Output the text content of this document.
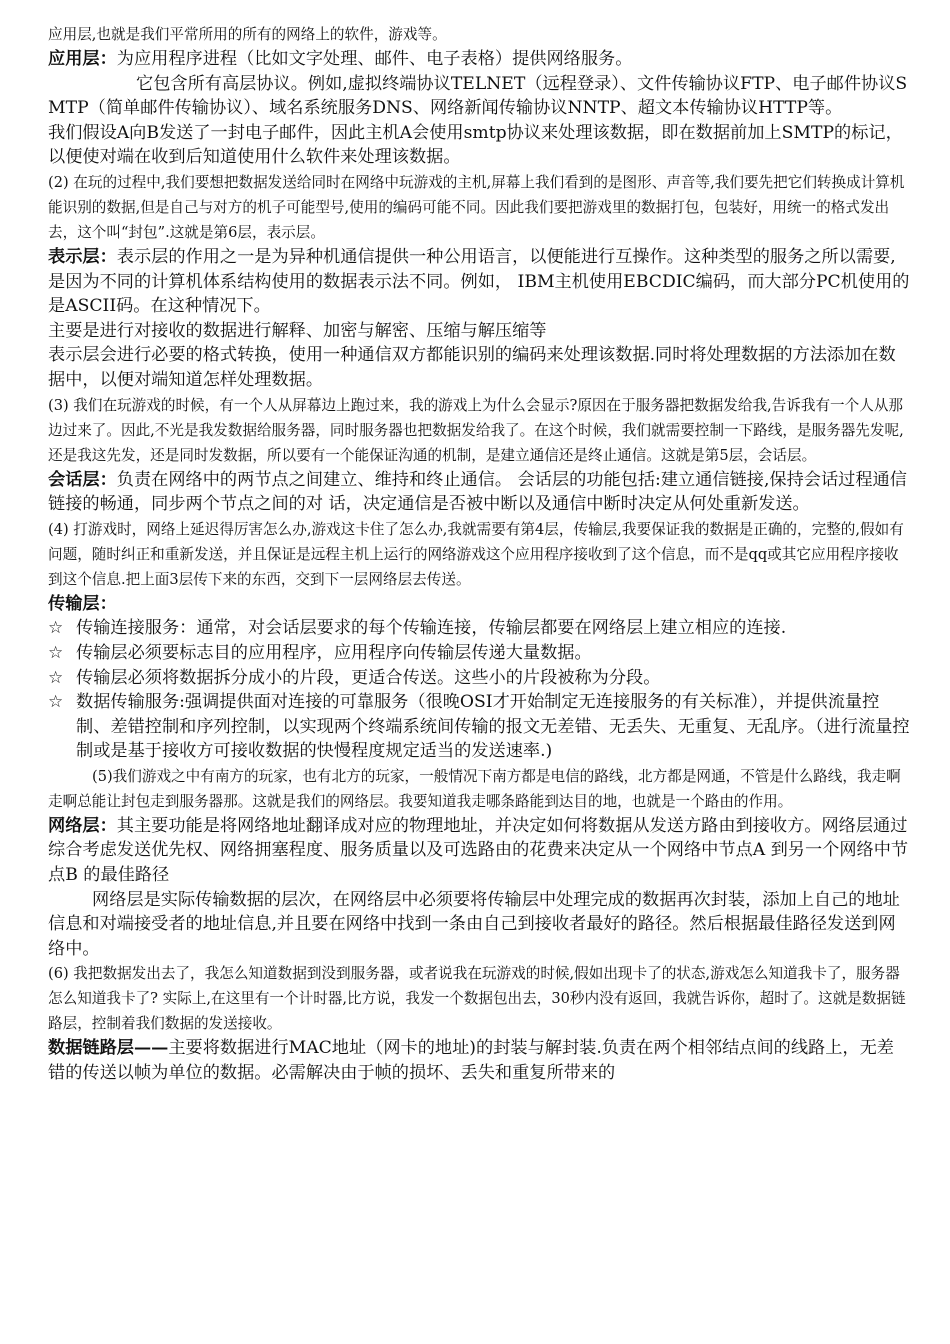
应用层,也就是我们平常所用的所有的网络上的软件，游戏等。

应用层：为应用程序进程（比如文字处理、邮件、电子表格）提供网络服务。

它包含所有高层协议。例如,虚拟终端协议TELNET（远程登录）、文件传输协议FTP、电子邮件协议SMTP（简单邮件传输协议）、域名系统服务DNS、网络新闻传输协议NNTP、超文本传输协议HTTP等。

我们假设A向B发送了一封电子邮件，因此主机A会使用smtp协议来处理该数据，即在数据前加上SMTP的标记，以便使对端在收到后知道使用什么软件来处理该数据。

(2) 在玩的过程中,我们要想把数据发送给同时在网络中玩游戏的主机,屏幕上我们看到的是图形、声音等,我们要先把它们转换成计算机能识别的数据,但是自己与对方的机子可能型号,使用的编码可能不同。因此我们要把游戏里的数据打包，包装好，用统一的格式发出去，这个叫“封包”.这就是第6层，表示层。

表示层：表示层的作用之一是为异种机通信提供一种公用语言，以便能进行互操作。这种类型的服务之所以需要,是因为不同的计算机体系结构使用的数据表示法不同。例如， IBM主机使用EBCDIC编码，而大部分PC机使用的是ASCII码。在这种情况下。

主要是进行对接收的数据进行解释、加密与解密、压缩与解压缩等

表示层会进行必要的格式转换，使用一种通信双方都能识别的编码来处理该数据.同时将处理数据的方法添加在数据中，以便对端知道怎样处理数据。

(3) 我们在玩游戏的时候，有一个人从屏幕边上跑过来，我的游戏上为什么会显示?原因在于服务器把数据发给我,告诉我有一个人从那边过来了。因此,不光是我发数据给服务器，同时服务器也把数据发给我了。在这个时候，我们就需要控制一下路线，是服务器先发呢,还是我这先发，还是同时发数据，所以要有一个能保证沟通的机制，是建立通信还是终止通信。这就是第5层，会话层。

会话层：负责在网络中的两节点之间建立、维持和终止通信。 会话层的功能包括:建立通信链接,保持会话过程通信链接的畅通，同步两个节点之间的对 话，决定通信是否被中断以及通信中断时决定从何处重新发送。

(4) 打游戏时，网络上延迟得厉害怎么办,游戏这卡住了怎么办,我就需要有第4层，传输层,我要保证我的数据是正确的，完整的,假如有问题，随时纠正和重新发送，并且保证是远程主机上运行的网络游戏这个应用程序接收到了这个信息，而不是qq或其它应用程序接收到这个信息.把上面3层传下来的东西，交到下一层网络层去传送。

传输层：

☆ 传输连接服务：通常，对会话层要求的每个传输连接，传输层都要在网络层上建立相应的连接.
☆ 传输层必须要标志目的应用程序，应用程序向传输层传递大量数据。
☆ 传输层必须将数据拆分成小的片段，更适合传送。这些小的片段被称为分段。
☆ 数据传输服务:强调提供面对连接的可靠服务（很晚OSI才开始制定无连接服务的有关标准），并提供流量控制、差错控制和序列控制，以实现两个终端系统间传输的报文无差错、无丢失、无重复、无乱序。（进行流量控制或是基于接收方可接收数据的快慢程度规定适当的发送速率.)

(5)我们游戏之中有南方的玩家，也有北方的玩家，一般情况下南方都是电信的路线，北方都是网通，不管是什么路线，我走啊走啊总能让封包走到服务器那。这就是我们的网络层。我要知道我走哪条路能到达目的地，也就是一个路由的作用。

网络层：其主要功能是将网络地址翻译成对应的物理地址，并决定如何将数据从发送方路由到接收方。网络层通过综合考虑发送优先权、网络拥塞程度、服务质量以及可选路由的花费来决定从一个网络中节点A 到另一个网络中节点B 的最佳路径

网络层是实际传输数据的层次，在网络层中必须要将传输层中处理完成的数据再次封装，添加上自己的地址信息和对端接受者的地址信息,并且要在网络中找到一条由自己到接收者最好的路径。然后根据最佳路径发送到网络中。

(6) 我把数据发出去了，我怎么知道数据到没到服务器，或者说我在玩游戏的时候,假如出现卡了的状态,游戏怎么知道我卡了，服务器怎么知道我卡了? 实际上,在这里有一个计时器,比方说，我发一个数据包出去，30秒内没有返回，我就告诉你，超时了。这就是数据链路层，控制着我们数据的发送接收。

数据链路层——主要将数据进行MAC地址（网卡的地址)的封装与解封装.负责在两个相邻结点间的线路上，无差错的传送以帧为单位的数据。必需解决由于帧的损坏、丢失和重复所带来的
